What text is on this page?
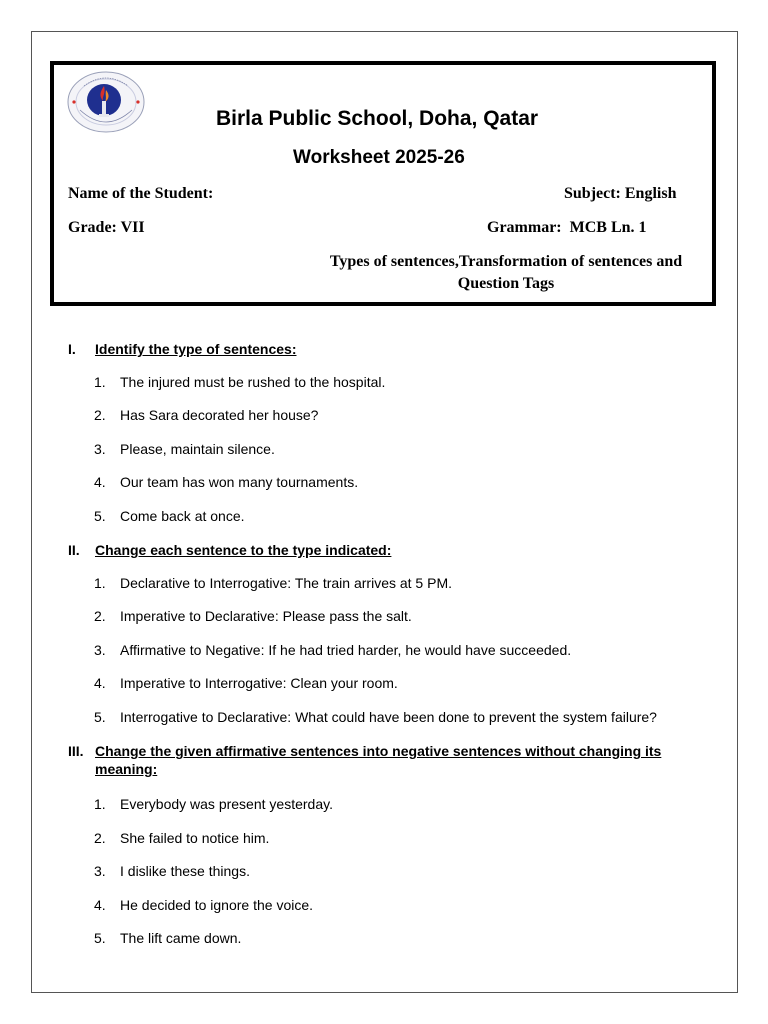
Birla Public School, Doha, Qatar
Worksheet 2025-26
Name of the Student:	Subject: English
Grade: VII	Grammar:  MCB Ln. 1
Types of sentences,Transformation of sentences and Question Tags
I.	Identify the type of sentences:
1. The injured must be rushed to the hospital.
2. Has Sara decorated her house?
3. Please, maintain silence.
4. Our team has won many tournaments.
5. Come back at once.
II.	Change each sentence to the type indicated:
1. Declarative to Interrogative: The train arrives at 5 PM.
2. Imperative to Declarative: Please pass the salt.
3. Affirmative to Negative: If he had tried harder, he would have succeeded.
4. Imperative to Interrogative: Clean your room.
5. Interrogative to Declarative: What could have been done to prevent the system failure?
III. Change the given affirmative sentences into negative sentences without changing its meaning:
1. Everybody was present yesterday.
2. She failed to notice him.
3. I dislike these things.
4. He decided to ignore the voice.
5. The lift came down.
